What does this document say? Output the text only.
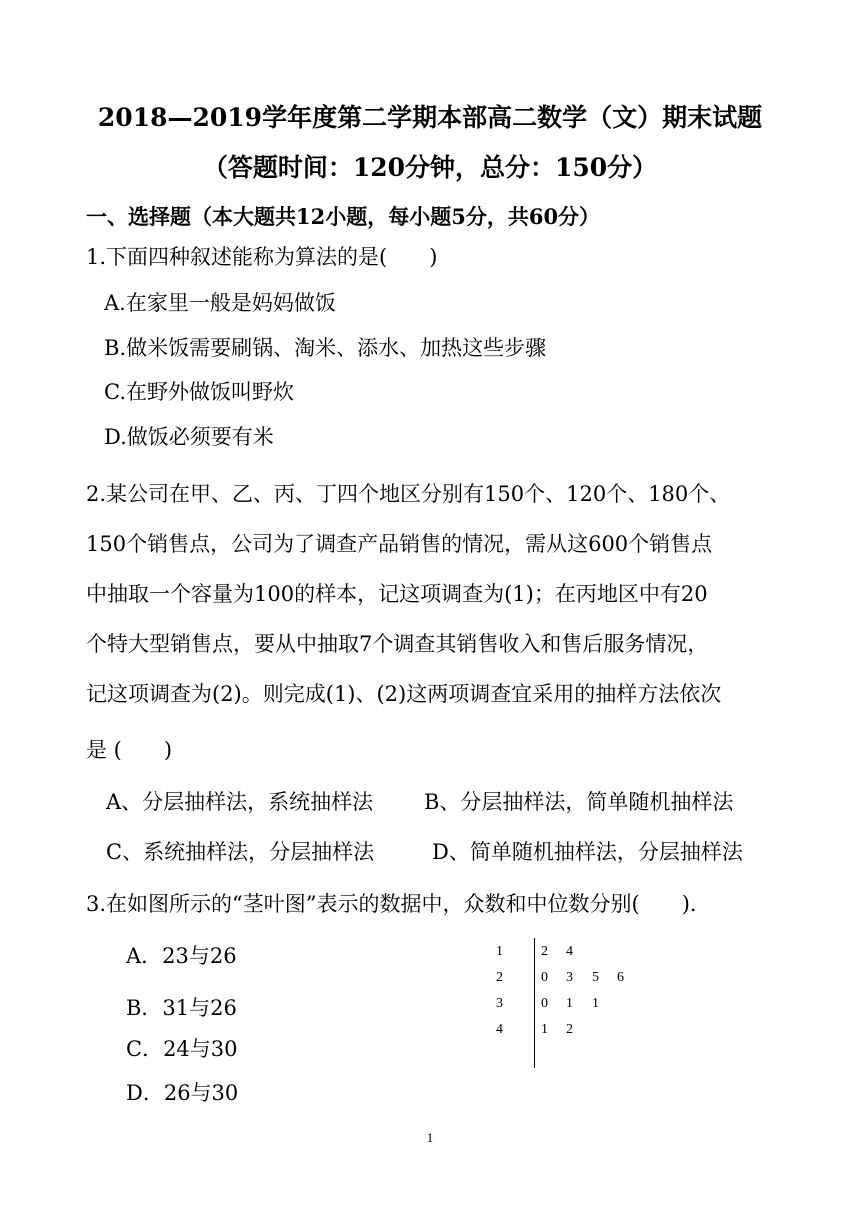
2018—2019学年度第二学期本部高二数学（文）期末试题
（答题时间：120分钟，总分：150分）
一、选择题（本大题共12小题，每小题5分，共60分）
1.下面四种叙述能称为算法的是(　　)
A.在家里一般是妈妈做饭
B.做米饭需要刷锅、淘米、添水、加热这些步骤
C.在野外做饭叫野炊
D.做饭必须要有米
2.某公司在甲、乙、丙、丁四个地区分别有150个、120个、180个、
150个销售点，公司为了调查产品销售的情况，需从这600个销售点
中抽取一个容量为100的样本，记这项调查为(1)；在丙地区中有20
个特大型销售点，要从中抽取7个调查其销售收入和售后服务情况，
记这项调查为(2)。则完成(1)、(2)这两项调查宜采用的抽样方法依次
是 (　　)
A、分层抽样法，系统抽样法 B、分层抽样法，简单随机抽样法
C、系统抽样法，分层抽样法	D、简单随机抽样法，分层抽样法
3.在如图所示的“茎叶图”表示的数据中，众数和中位数分别(　　).
A．23与26
B．31与26
C．24与30
D．26与30
1	2 4
2	0 3 5 6
3	0 1 1
4	1 2
1
